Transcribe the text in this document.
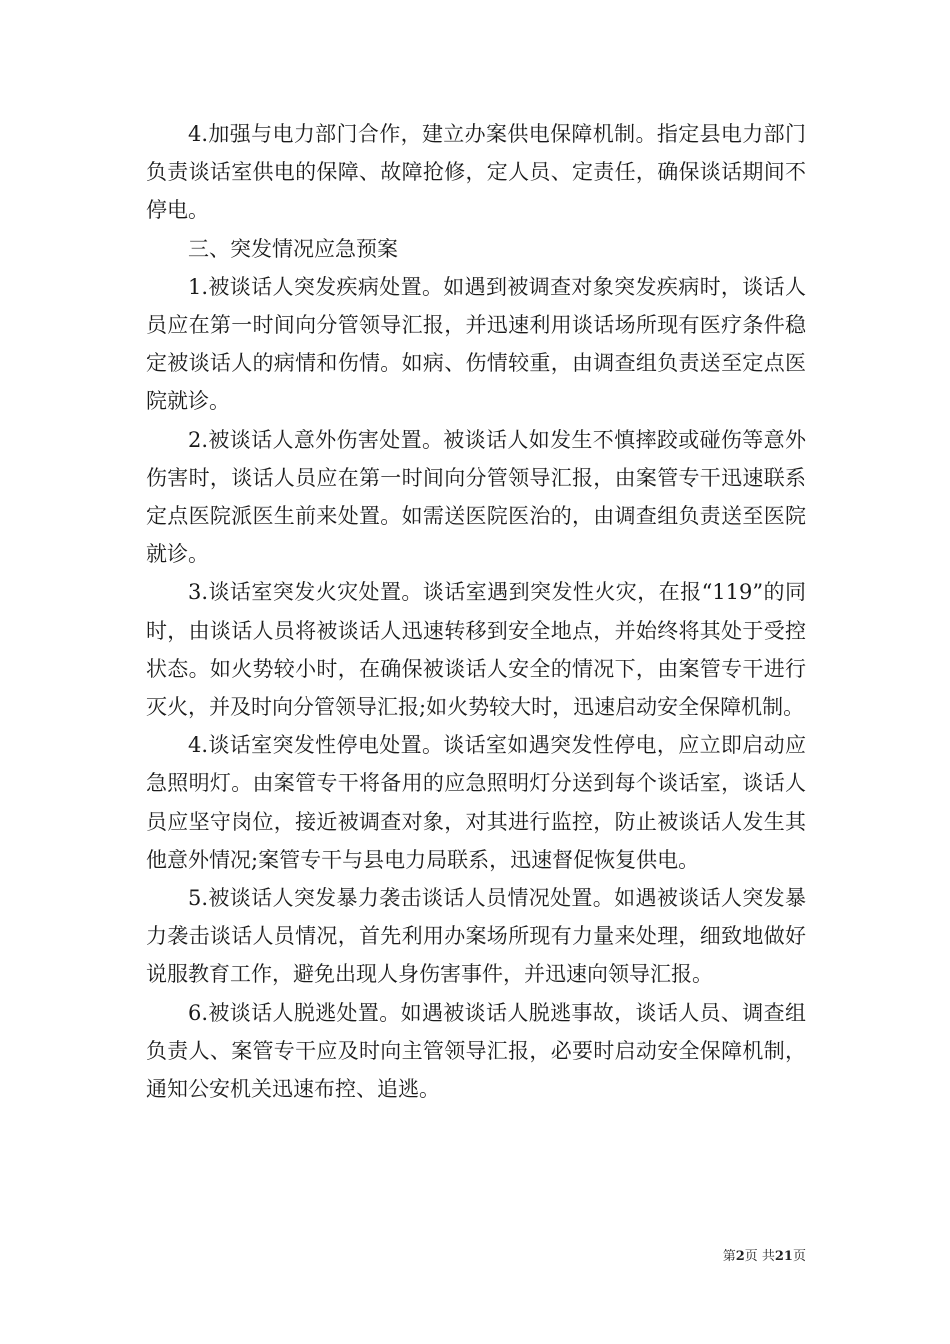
4.加强与电力部门合作，建立办案供电保障机制。指定县电力部门负责谈话室供电的保障、故障抢修，定人员、定责任，确保谈话期间不停电。

三、突发情况应急预案

1.被谈话人突发疾病处置。如遇到被调查对象突发疾病时，谈话人员应在第一时间向分管领导汇报，并迅速利用谈话场所现有医疗条件稳定被谈话人的病情和伤情。如病、伤情较重，由调查组负责送至定点医院就诊。

2.被谈话人意外伤害处置。被谈话人如发生不慎摔跤或碰伤等意外伤害时，谈话人员应在第一时间向分管领导汇报，由案管专干迅速联系定点医院派医生前来处置。如需送医院医治的，由调查组负责送至医院就诊。

3.谈话室突发火灾处置。谈话室遇到突发性火灾，在报“119”的同时，由谈话人员将被谈话人迅速转移到安全地点，并始终将其处于受控状态。如火势较小时，在确保被谈话人安全的情况下，由案管专干进行灭火，并及时向分管领导汇报;如火势较大时，迅速启动安全保障机制。

4.谈话室突发性停电处置。谈话室如遇突发性停电，应立即启动应急照明灯。由案管专干将备用的应急照明灯分送到每个谈话室，谈话人员应坚守岗位，接近被调查对象，对其进行监控，防止被谈话人发生其他意外情况;案管专干与县电力局联系，迅速督促恢复供电。

5.被谈话人突发暴力袭击谈话人员情况处置。如遇被谈话人突发暴力袭击谈话人员情况，首先利用办案场所现有力量来处理，细致地做好说服教育工作，避免出现人身伤害事件，并迅速向领导汇报。

6.被谈话人脱逃处置。如遇被谈话人脱逃事故，谈话人员、调查组负责人、案管专干应及时向主管领导汇报，必要时启动安全保障机制，通知公安机关迅速布控、追逃。

第2页 共21页
